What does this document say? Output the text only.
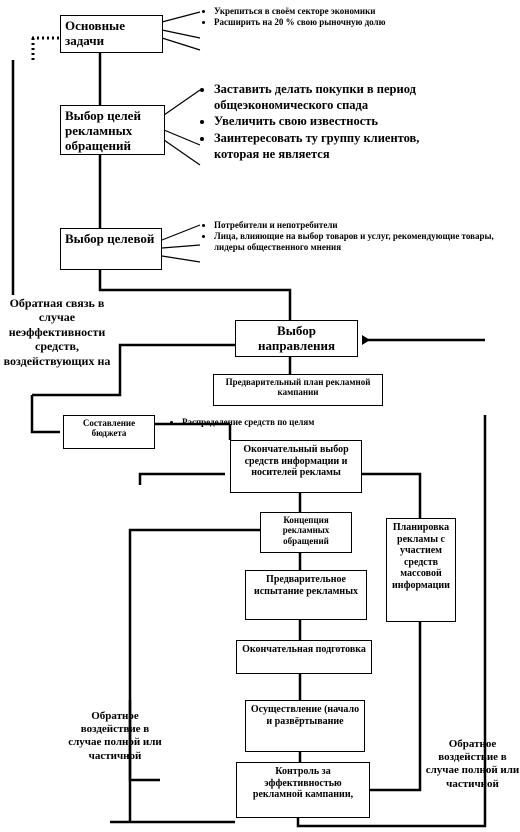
Основные задачи
Выбор целей рекламных обращений
Выбор целевой
Выбор направления
Предварительный план рекламной кампании
Составление бюджета
Окончательный выбор средств информации и носителей рекламы
Концепция рекламных обращений
Предварительное испытание рекламных
Окончательная подготовка
Осуществление (начало и развёртывание
Контроль за эффективностью рекламной кампании,
Планировка рекламы с участием средств массовой информации
• Укрепиться в своём секторе экономики
• Расширить на 20 % свою рыночную долю
• Заставить делать покупки в период общеэкономического спада
• Увеличить свою известность
• Заинтересовать ту группу клиентов, которая не является
• Потребители и непотребители
• Лица, влияющие на выбор товаров и услуг, рекомендующие товары, лидеры общественного мнения
• Распределение средств по целям
Обратная связь в случае неэффективности средств, воздействующих на
Обратное воздействие в случае полной или частичной
Обратное воздействие в случае полной или частичной
